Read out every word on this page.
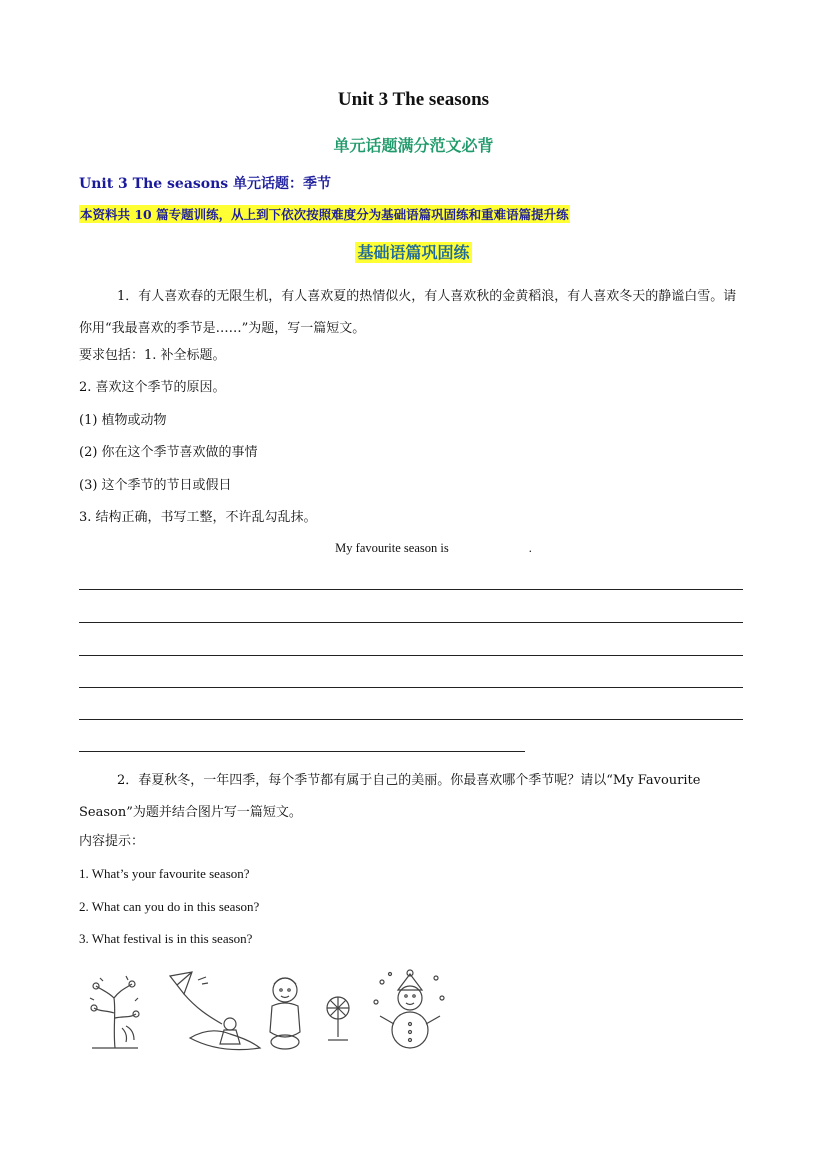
Unit 3 The seasons
单元话题满分范文必背
Unit 3 The seasons 单元话题：季节
本资料共 10 篇专题训练，从上到下依次按照难度分为基础语篇巩固练和重难语篇提升练
基础语篇巩固练
1．有人喜欢春的无限生机，有人喜欢夏的热情似火，有人喜欢秋的金黄稻浪，有人喜欢冬天的静谧白雪。请你用“我最喜欢的季节是……”为题，写一篇短文。
要求包括：1. 补全标题。
2. 喜欢这个季节的原因。
(1) 植物或动物
(2) 你在这个季节喜欢做的事情
(3) 这个季节的节日或假日
3. 结构正确，书写工整，不许乱勾乱抹。
My favourite season is	.
2．春夏秋冬，一年四季，每个季节都有属于自己的美丽。你最喜欢哪个季节呢？请以“My Favourite Season”为题并结合图片写一篇短文。
内容提示：
1. What’s your favourite season?
2. What can you do in this season?
3. What festival is in this season?
